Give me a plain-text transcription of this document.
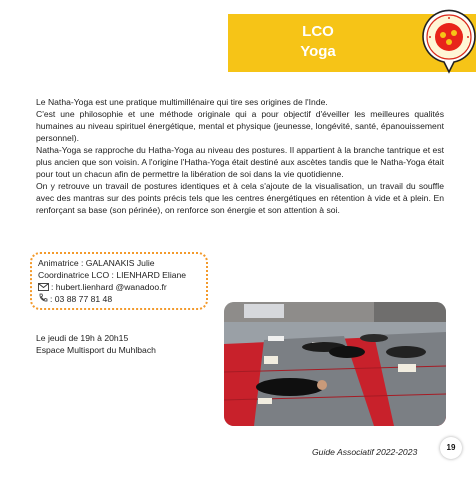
LCO
Yoga

Le Natha-Yoga est une pratique multimillénaire qui tire ses origines de l'Inde.

C'est une philosophie et une méthode originale qui a pour objectif d'éveiller les meilleures qualités humaines au niveau spirituel énergétique, mental et physique (jeunesse, longévité, santé, épanouissement personnel).

Natha-Yoga se rapproche du Hatha-Yoga au niveau des postures. Il appartient à la branche tantrique et est plus ancien que son voisin. A l'origine l'Hatha-Yoga était destiné aux ascètes tandis que le Natha-Yoga était pour tout un chacun afin de permettre la libération de soi dans la vie quotidienne.

On y retrouve un travail de postures identiques et à cela s'ajoute de la visualisation, un travail du souffle avec des mantras sur des points précis tels que les centres énergétiques en rétention à vide et à plein. En renforçant sa base (son périnée), on renforce son énergie et son attention à soi.

Animatrice : GALANAKIS Julie
Coordinatrice LCO : LIENHARD Eliane
: hubert.lienhard @wanadoo.fr
: 03 88 77 81 48
Le jeudi de 19h à 20h15
Espace Multisport du Muhlbach
Guide Associatif 2022-2023	19
